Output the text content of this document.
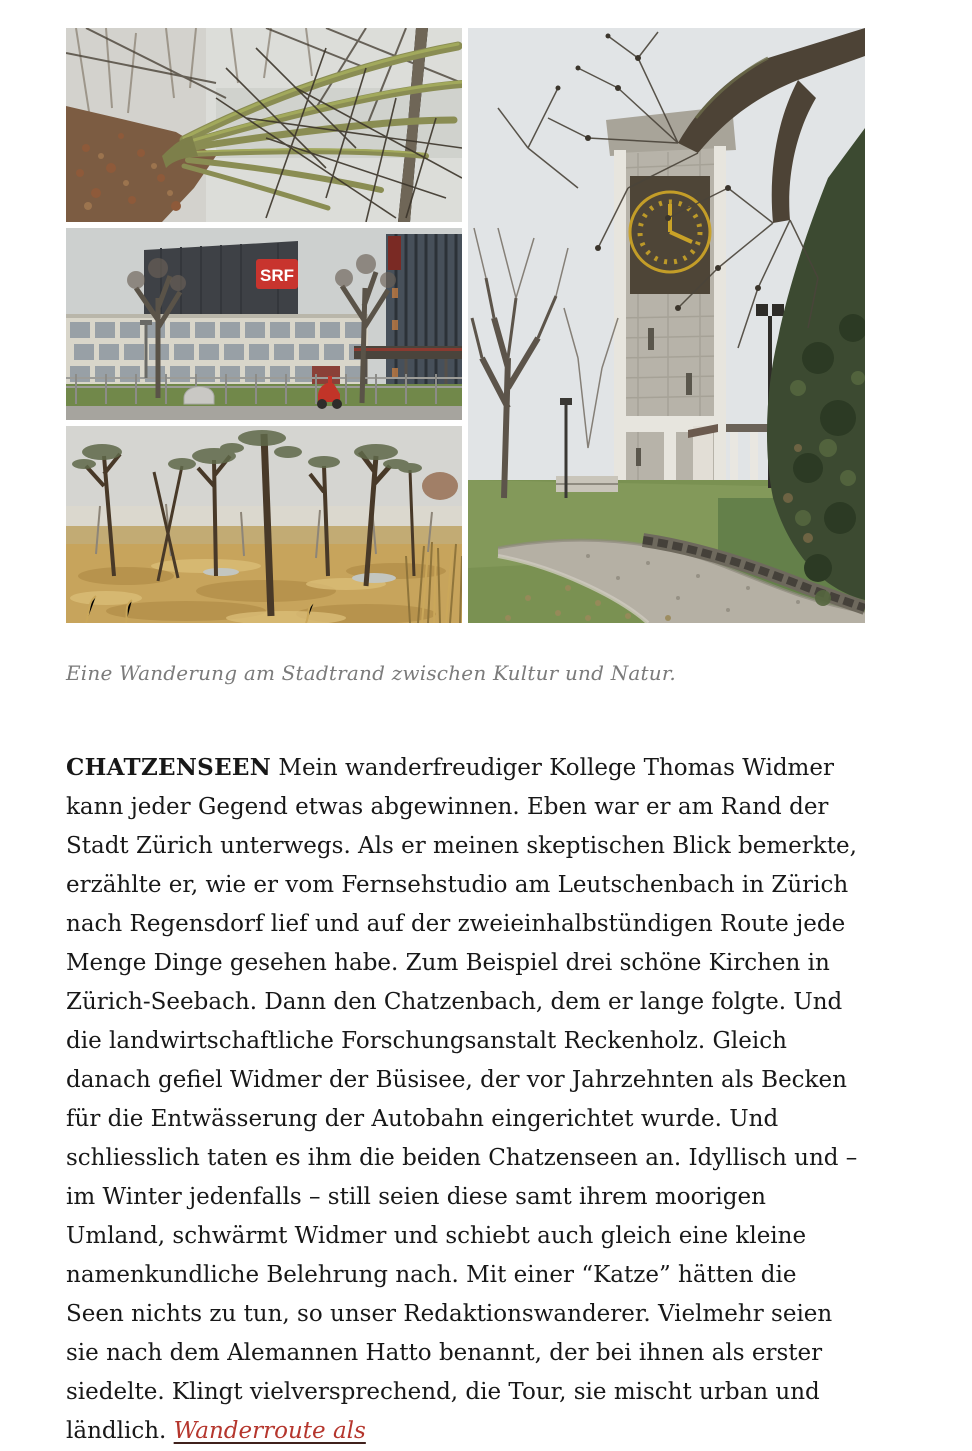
SRF
Eine Wanderung am Stadtrand zwischen Kultur und Natur.

CHATZENSEEN Mein wanderfreudiger Kollege Thomas Widmer kann jeder Gegend etwas abgewinnen. Eben war er am Rand der Stadt Zürich unterwegs. Als er meinen skeptischen Blick bemerkte, erzählte er, wie er vom Fernsehstudio am Leutschenbach in Zürich nach Regensdorf lief und auf der zweieinhalbstündigen Route jede Menge Dinge gesehen habe. Zum Beispiel drei schöne Kirchen in Zürich-Seebach. Dann den Chatzenbach, dem er lange folgte. Und die landwirtschaftliche Forschungsanstalt Reckenholz. Gleich danach gefiel Widmer der Büsisee, der vor Jahrzehnten als Becken für die Entwässerung der Autobahn eingerichtet wurde. Und schliesslich taten es ihm die beiden Chatzenseen an. Idyllisch und – im Winter jedenfalls – still seien diese samt ihrem moorigen Umland, schwärmt Widmer und schiebt auch gleich eine kleine namenkundliche Belehrung nach. Mit einer “Katze” hätten die Seen nichts zu tun, so unser Redaktionswanderer. Vielmehr seien sie nach dem Alemannen Hatto benannt, der bei ihnen als erster siedelte. Klingt vielversprechend, die Tour, sie mischt urban und ländlich. Wanderroute als
